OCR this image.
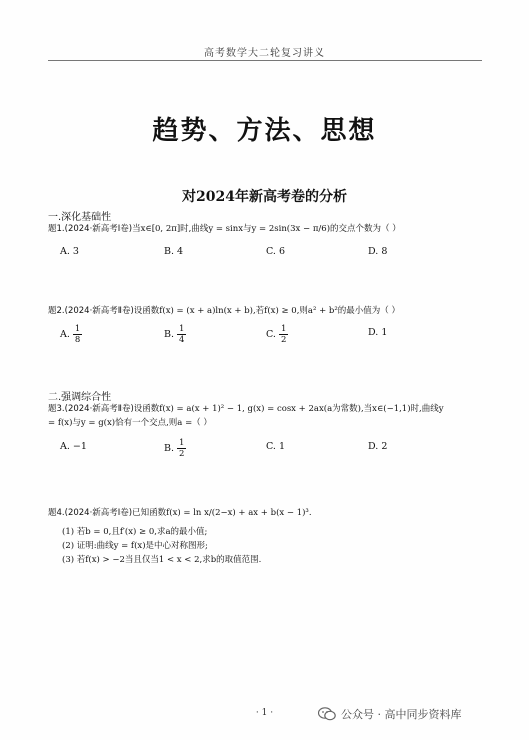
高考数学大二轮复习讲义
趋势、方法、思想
对2024年新高考卷的分析
一.深化基础性
题1.(2024·新高考Ⅰ卷)当x∈[0, 2π]时,曲线y = sinx与y = 2sin(3x − π/6)的交点个数为（ ）
A. 3	B. 4	C. 6	D. 8
题2.(2024·新高考Ⅱ卷)设函数f(x) = (x + a)ln(x + b),若f(x) ≥ 0,则a² + b²的最小值为（ ）
A. $\frac{1}{8}$	B. $\frac{1}{4}$	C. $\frac{1}{2}$	D. 1
二.强调综合性
题3.(2024·新高考Ⅱ卷)设函数f(x) = a(x + 1)² − 1, g(x) = cosx + 2ax(a为常数),当x∈(−1,1)时,曲线y
= f(x)与y = g(x)恰有一个交点,则a =（ ）
A. −1	B. $\frac{1}{2}$	C. 1	D. 2
题4.(2024·新高考Ⅰ卷)已知函数f(x) = ln x/(2−x) + ax + b(x − 1)³.
(1) 若b = 0,且f′(x) ≥ 0,求a的最小值;
(2) 证明:曲线y = f(x)是中心对称图形;
(3) 若f(x) > −2当且仅当1 < x < 2,求b的取值范围.
· 1 ·	公众号 · 高中同步资料库
